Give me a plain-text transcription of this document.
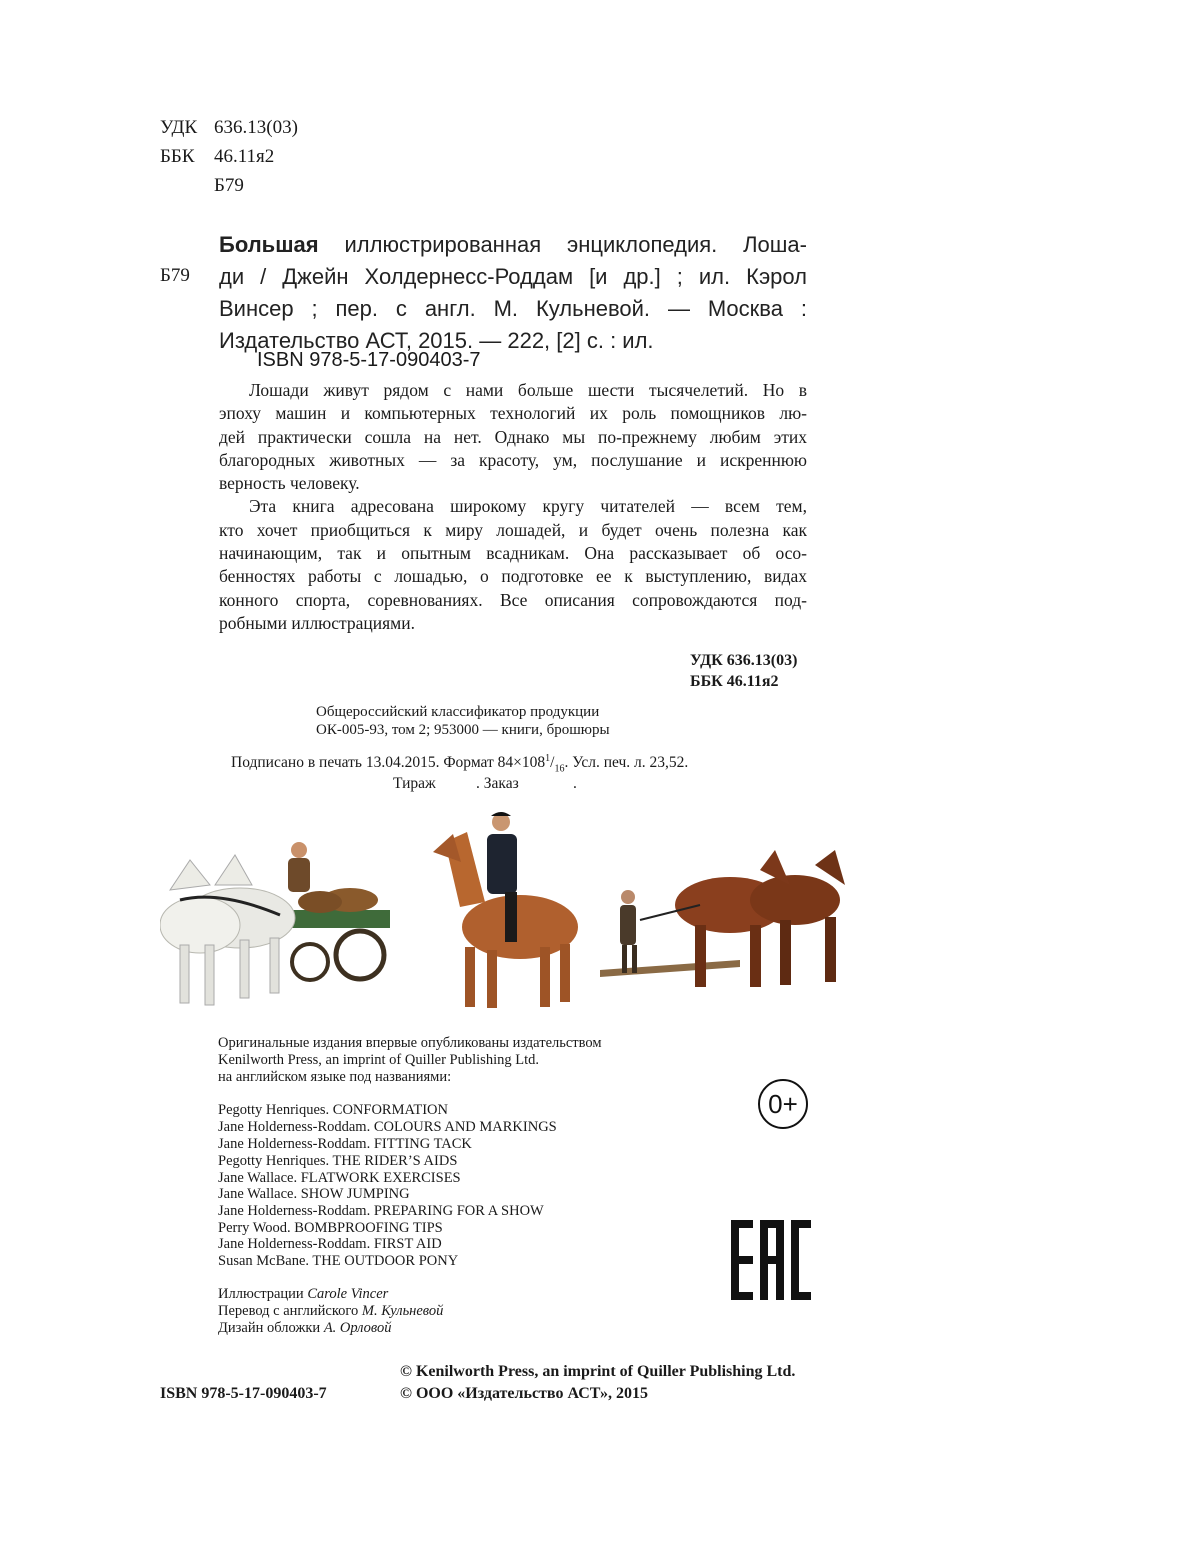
УДК 636.13(03)
ББК 46.11я2
Б79
Б79
Большая иллюстрированная энциклопедия. Лоша-
ди / Джейн Холдернесс-Роддам [и др.] ; ил. Кэрол
Винсер ; пер. с англ. М. Кульневой. — Москва :
Издательство АСТ, 2015. — 222, [2] с. : ил.
ISBN 978-5-17-090403-7
Лошади живут рядом с нами больше шести тысячелетий. Но в
эпоху машин и компьютерных технологий их роль помощников лю-
дей практически сошла на нет. Однако мы по-прежнему любим этих
благородных животных — за красоту, ум, послушание и искреннюю
верность человеку.
Эта книга адресована широкому кругу читателей — всем тем,
кто хочет приобщиться к миру лошадей, и будет очень полезна как
начинающим, так и опытным всадникам. Она рассказывает об осо-
бенностях работы с лошадью, о подготовке ее к выступлению, видах
конного спорта, соревнованиях. Все описания сопровождаются под-
робными иллюстрациями.
УДК 636.13(03)
ББК 46.11я2
Общероссийский классификатор продукции
ОК-005-93, том 2; 953000 — книги, брошюры
Подписано в печать 13.04.2015. Формат $84\times 108^1/_{16}$. Усл. печ. л. 23,52.
Тираж	. Заказ	.
Оригинальные издания впервые опубликованы издательством
Kenilworth Press, an imprint of Quiller Publishing Ltd.
на английском языке под названиями:
Pegotty Henriques. CONFORMATION
Jane Holderness-Roddam. COLOURS AND MARKINGS
Jane Holderness-Roddam. FITTING TACK
Pegotty Henriques. THE RIDER’S AIDS
Jane Wallace. FLATWORK EXERCISES
Jane Wallace. SHOW JUMPING
Jane Holderness-Roddam. PREPARING FOR A SHOW
Perry Wood. BOMBPROOFING TIPS
Jane Holderness-Roddam. FIRST AID
Susan McBane. THE OUTDOOR PONY
Иллюстрации Carole Vincer
Перевод с английского М. Кульневой
Дизайн обложки А. Орловой
0+
ISBN 978-5-17-090403-7
© Kenilworth Press, an imprint of Quiller Publishing Ltd.
© ООО «Издательство АСТ», 2015
